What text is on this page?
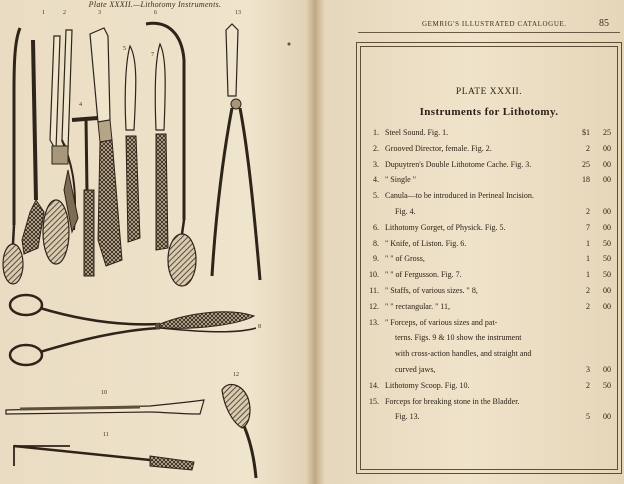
Plate XXXII.—Lithotomy Instruments.
1	2	3
5
6
7
4
13
8
10
11
12
GEMRIG'S ILLUSTRATED CATALOGUE.	85
PLATE XXXII.
Instruments for Lithotomy.
1. Steel Sound. Fig. 1.	$1	25
2. Grooved Director, female. Fig. 2.	2	00
3. Dupuytren's Double Lithotome Cache. Fig. 3.	25	00
4. " Single "	18	00
5. Canula—to be introduced in Perineal Incision.
Fig. 4.	2	00
6. Lithotomy Gorget, of Physick. Fig. 5.	7	00
8. " Knife, of Liston. Fig. 6.	1	50
9. " " of Gross,	1	50
10. " " of Fergusson. Fig. 7.	1	50
11. " Staffs, of various sizes. " 8,	2	00
12. " " rectangular. " 11,	2	00
13. " Forceps, of various sizes and pat-
terns. Figs. 9 & 10 show the instrument
with cross-action handles, and straight and
curved jaws,	3	00
14. Lithotomy Scoop. Fig. 10.	2	50
15. Forceps for breaking stone in the Bladder.
Fig. 13.	5	00
